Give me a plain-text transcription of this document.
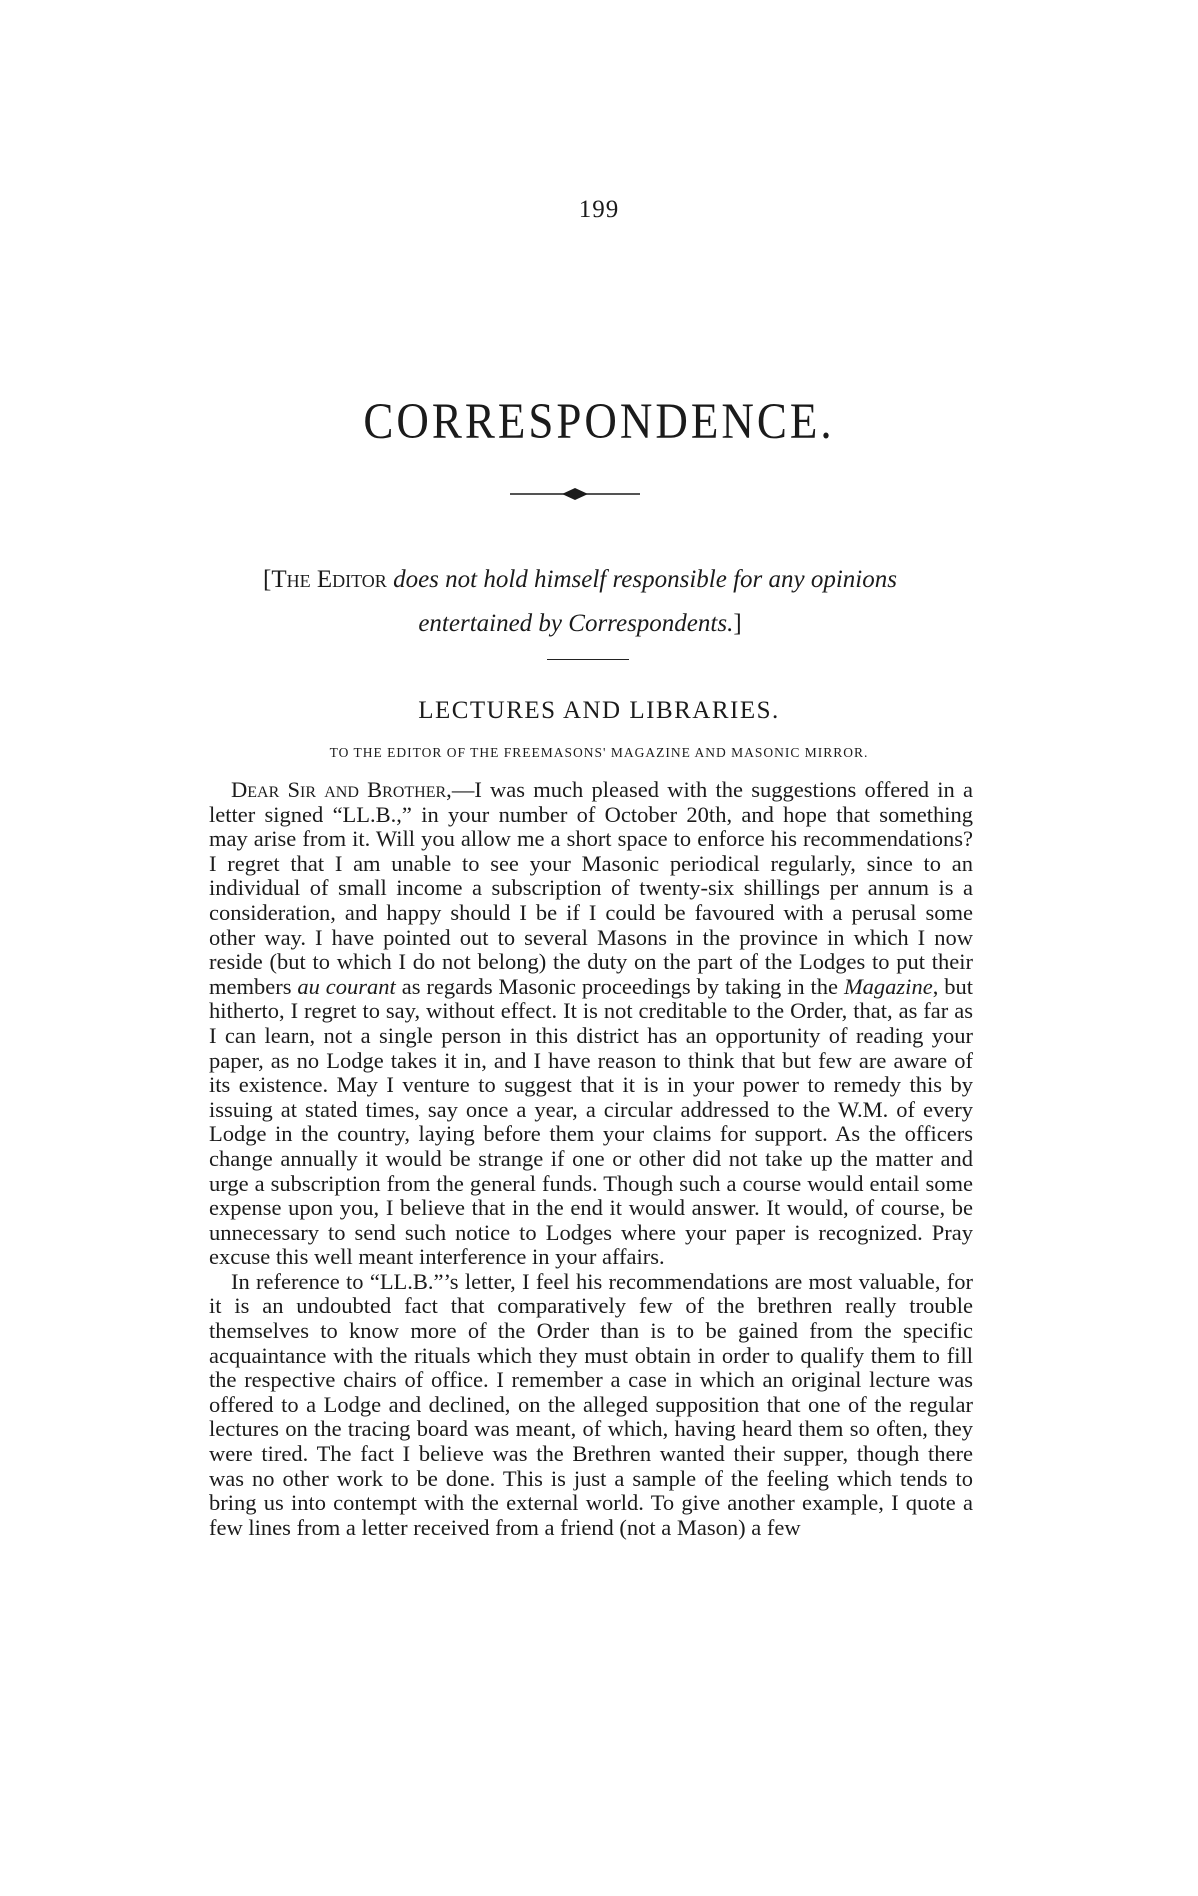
199
CORRESPONDENCE.
[The Editor does not hold himself responsible for any opinions
entertained by Correspondents.]
LECTURES AND LIBRARIES.
TO THE EDITOR OF THE FREEMASONS' MAGAZINE AND MASONIC MIRROR.

Dear Sir and Brother,—I was much pleased with the suggestions offered in a letter signed “LL.B.,” in your number of October 20th, and hope that something may arise from it. Will you allow me a short space to enforce his recommendations? I regret that I am unable to see your Masonic periodical regularly, since to an individual of small income a subscription of twenty-six shillings per annum is a consideration, and happy should I be if I could be favoured with a perusal some other way. I have pointed out to several Masons in the province in which I now reside (but to which I do not belong) the duty on the part of the Lodges to put their members au courant as regards Masonic proceedings by taking in the Magazine, but hitherto, I regret to say, without effect. It is not creditable to the Order, that, as far as I can learn, not a single person in this district has an opportunity of reading your paper, as no Lodge takes it in, and I have reason to think that but few are aware of its existence. May I venture to suggest that it is in your power to remedy this by issuing at stated times, say once a year, a circular addressed to the W.M. of every Lodge in the country, laying before them your claims for support. As the officers change annually it would be strange if one or other did not take up the matter and urge a subscription from the general funds. Though such a course would entail some expense upon you, I believe that in the end it would answer. It would, of course, be unnecessary to send such notice to Lodges where your paper is recognized. Pray excuse this well meant interference in your affairs.

In reference to “LL.B.”’s letter, I feel his recommendations are most valuable, for it is an undoubted fact that comparatively few of the brethren really trouble themselves to know more of the Order than is to be gained from the specific acquaintance with the rituals which they must obtain in order to qualify them to fill the respective chairs of office. I remember a case in which an original lecture was offered to a Lodge and declined, on the alleged supposition that one of the regular lectures on the tracing board was meant, of which, having heard them so often, they were tired. The fact I believe was the Brethren wanted their supper, though there was no other work to be done. This is just a sample of the feeling which tends to bring us into contempt with the external world. To give another example, I quote a few lines from a letter received from a friend (not a Mason) a few
